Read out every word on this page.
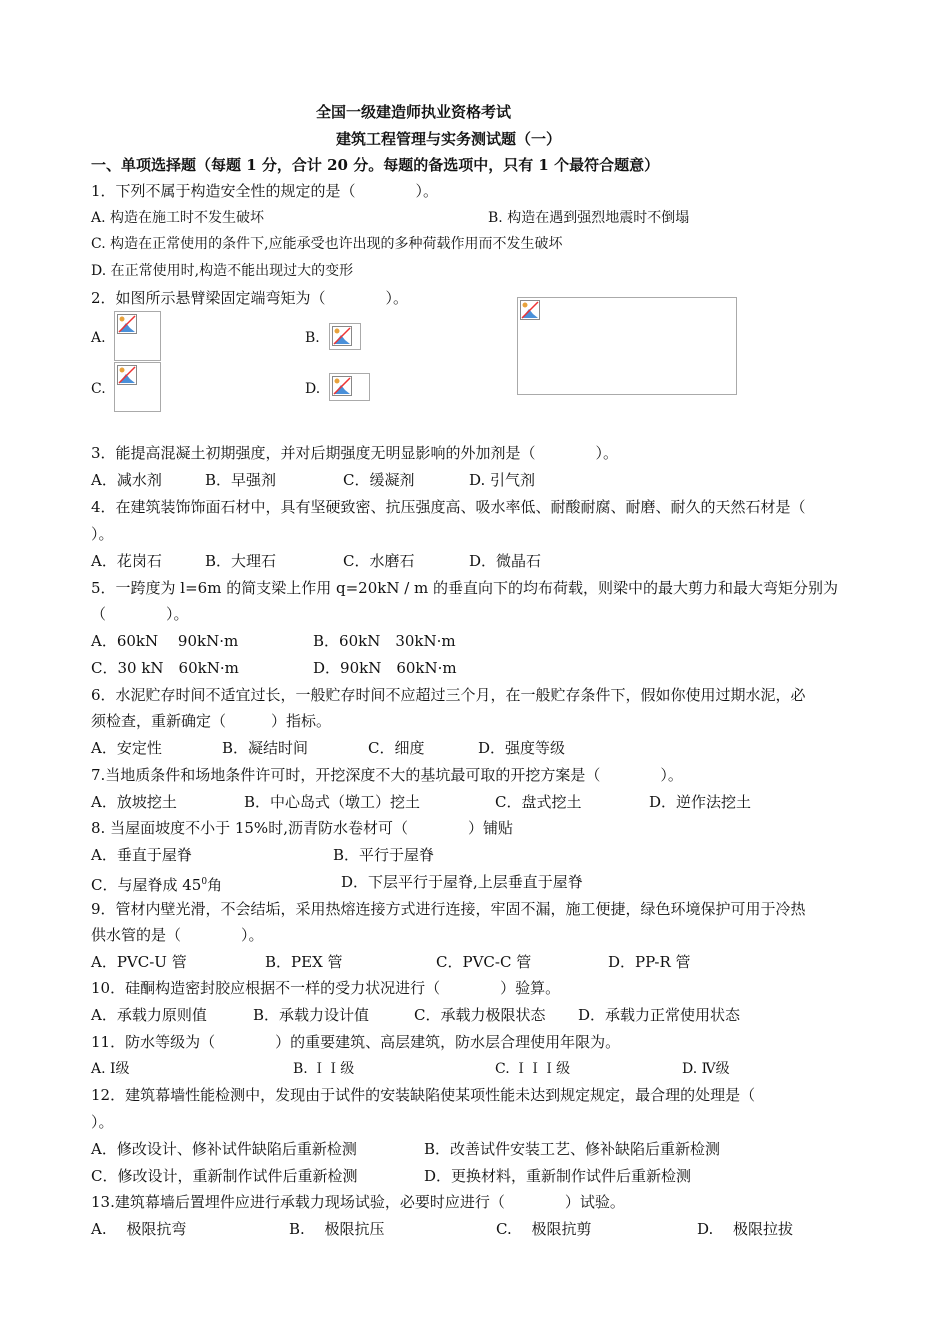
全国一级建造师执业资格考试
建筑工程管理与实务测试题（一）
一、单项选择题（每题 1 分，合计 20 分。每题的备选项中，只有 1 个最符合题意）
1．下列不属于构造安全性的规定的是（　　　　）。
A. 构造在施工时不发生破坏	B. 构造在遇到强烈地震时不倒塌
C. 构造在正常使用的条件下,应能承受也许出现的多种荷载作用而不发生破坏
D. 在正常使用时,构造不能出现过大的变形
2．如图所示悬臂梁固定端弯矩为（　　　　）。
A.	B.
C.	D.
3．能提高混凝土初期强度，并对后期强度无明显影响的外加剂是（　　　　）。
A．减水剂	B．早强剂	C．缓凝剂	D. 引气剂
4．在建筑装饰饰面石材中，具有坚硬致密、抗压强度高、吸水率低、耐酸耐腐、耐磨、耐久的天然石材是（
）。
A．花岗石	B．大理石	C．水磨石	D．微晶石
5．一跨度为 l=6m 的简支梁上作用 q=20kN / m 的垂直向下的均布荷载，则梁中的最大剪力和最大弯矩分别为
（　　　　）。
A．60kN　 90kN·m	B．60kN　30kN·m
C．30 kN　60kN·m	D．90kN　60kN·m
6．水泥贮存时间不适宜过长，一般贮存时间不应超过三个月，在一般贮存条件下，假如你使用过期水泥，必
须检查，重新确定（　　　）指标。
A．安定性	B．凝结时间	C．细度	D．强度等级
7.当地质条件和场地条件许可时，开挖深度不大的基坑最可取的开挖方案是（　　　　）。
A．放坡挖土	B．中心岛式（墩工）挖土	C．盘式挖土	D．逆作法挖土
8. 当屋面坡度不小于 15%时,沥青防水卷材可（　　　　）铺贴
A．垂直于屋脊	B．平行于屋脊
C．与屋脊成 $45^0$角	D．下层平行于屋脊,上层垂直于屋脊
9．管材内壁光滑，不会结垢，采用热熔连接方式进行连接，牢固不漏，施工便捷，绿色环境保护可用于冷热
供水管的是（　　　　）。
A．PVC-U 管	B．PEX 管	C．PVC-C 管	D．PP-R 管
10．硅酮构造密封胶应根据不一样的受力状况进行（　　　　）验算。
A．承载力原则值	B．承载力设计值	C．承载力极限状态 D．承载力正常使用状态
11．防水等级为（　　　　）的重要建筑、高层建筑，防水层合理使用年限为。
A. Ⅰ级	B. ＩＩ级	C. ＩＩＩ级	D. Ⅳ级
12．建筑幕墙性能检测中，发现由于试件的安装缺陷使某项性能未达到规定规定，最合理的处理是（
）。
A．修改设计、修补试件缺陷后重新检测	B．改善试件安装工艺、修补缺陷后重新检测
C．修改设计，重新制作试件后重新检测	D．更换材料，重新制作试件后重新检测
13.建筑幕墙后置埋件应进行承载力现场试验，必要时应进行（　　　　）试验。
A.　 极限抗弯	B.　 极限抗压	C.　 极限抗剪	D.　 极限拉拔
